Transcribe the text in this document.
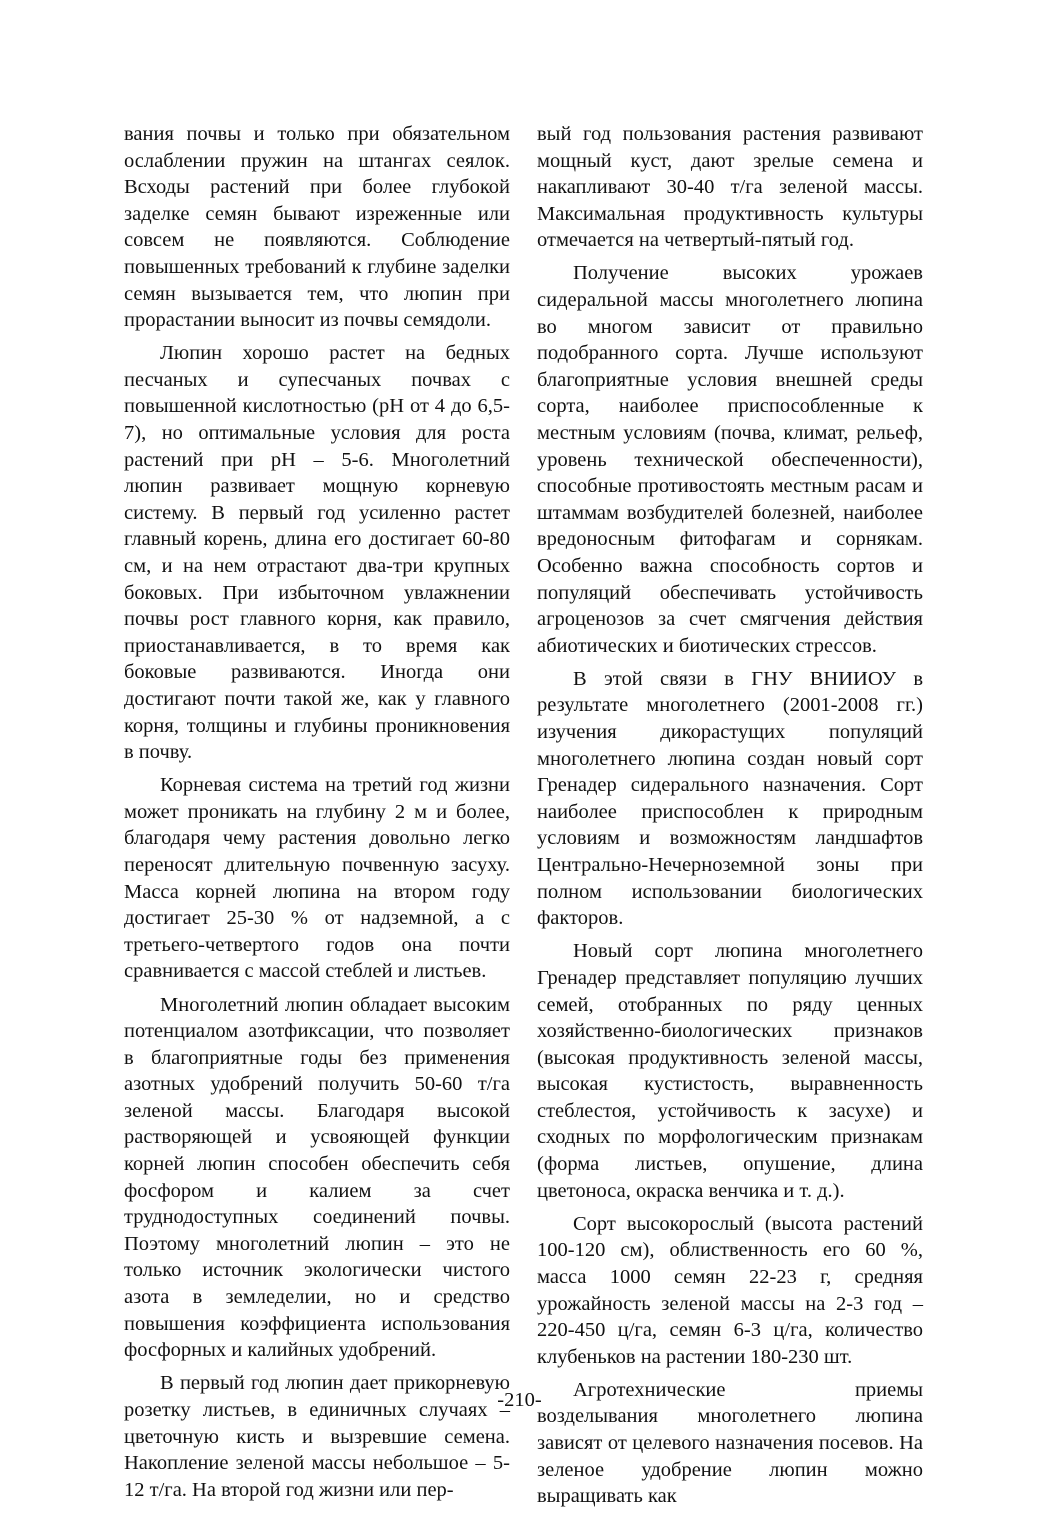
вания почвы и только при обязательном ослаблении пружин на штангах сеялок. Всходы растений при более глубокой заделке семян бывают изреженные или совсем не появляются. Соблюдение повышенных требований к глубине заделки семян вызывается тем, что люпин при прорастании выносит из почвы семядоли.

Люпин хорошо растет на бедных песчаных и супесчаных почвах с повышенной кислотностью (рН от 4 до 6,5-7), но оптимальные условия для роста растений при рН – 5-6. Многолетний люпин развивает мощную корневую систему. В первый год усиленно растет главный корень, длина его достигает 60-80 см, и на нем отрастают два-три крупных боковых. При избыточном увлажнении почвы рост главного корня, как правило, приостанавливается, в то время как боковые развиваются. Иногда они достигают почти такой же, как у главного корня, толщины и глубины проникновения в почву.

Корневая система на третий год жизни может проникать на глубину 2 м и более, благодаря чему растения довольно легко переносят длительную почвенную засуху. Масса корней люпина на втором году достигает 25-30 % от надземной, а с третьего-четвертого годов она почти сравнивается с массой стеблей и листьев.

Многолетний люпин обладает высоким потенциалом азотфиксации, что позволяет в благоприятные годы без применения азотных удобрений получить 50-60 т/га зеленой массы. Благодаря высокой растворяющей и усвояющей функции корней люпин способен обеспечить себя фосфором и калием за счет труднодоступных соединений почвы. Поэтому многолетний люпин – это не только источник экологически чистого азота в земледелии, но и средство повышения коэффициента использования фосфорных и калийных удобрений.

В первый год люпин дает прикорневую розетку листьев, в единичных случаях – цветочную кисть и вызревшие семена. Накопление зеленой массы небольшое – 5-12 т/га. На второй год жизни или пер-

вый год пользования растения развивают мощный куст, дают зрелые семена и накапливают 30-40 т/га зеленой массы. Максимальная продуктивность культуры отмечается на четвертый-пятый год.

Получение высоких урожаев сидеральной массы многолетнего люпина во многом зависит от правильно подобранного сорта. Лучше используют благоприятные условия внешней среды сорта, наиболее приспособленные к местным условиям (почва, климат, рельеф, уровень технической обеспеченности), способные противостоять местным расам и штаммам возбудителей болезней, наиболее вредоносным фитофагам и сорнякам. Особенно важна способность сортов и популяций обеспечивать устойчивость агроценозов за счет смягчения действия абиотических и биотических стрессов.

В этой связи в ГНУ ВНИИОУ в результате многолетнего (2001-2008 гг.) изучения дикорастущих популяций многолетнего люпина создан новый сорт Гренадер сидерального назначения. Сорт наиболее приспособлен к природным условиям и возможностям ландшафтов Центрально-Нечерноземной зоны при полном использовании биологических факторов.

Новый сорт люпина многолетнего Гренадер представляет популяцию лучших семей, отобранных по ряду ценных хозяйственно-биологических признаков (высокая продуктивность зеленой массы, высокая кустистость, выравненность стеблестоя, устойчивость к засухе) и сходных по морфологическим признакам (форма листьев, опушение, длина цветоноса, окраска венчика и т. д.).

Сорт высокорослый (высота растений 100-120 см), облиственность его 60 %, масса 1000 семян 22-23 г, средняя урожайность зеленой массы на 2-3 год – 220-450 ц/га, семян 6-3 ц/га, количество клубеньков на растении 180-230 шт.

Агротехнические приемы возделывания многолетнего люпина зависят от целевого назначения посевов. На зеленое удобрение люпин можно выращивать как

-210-
